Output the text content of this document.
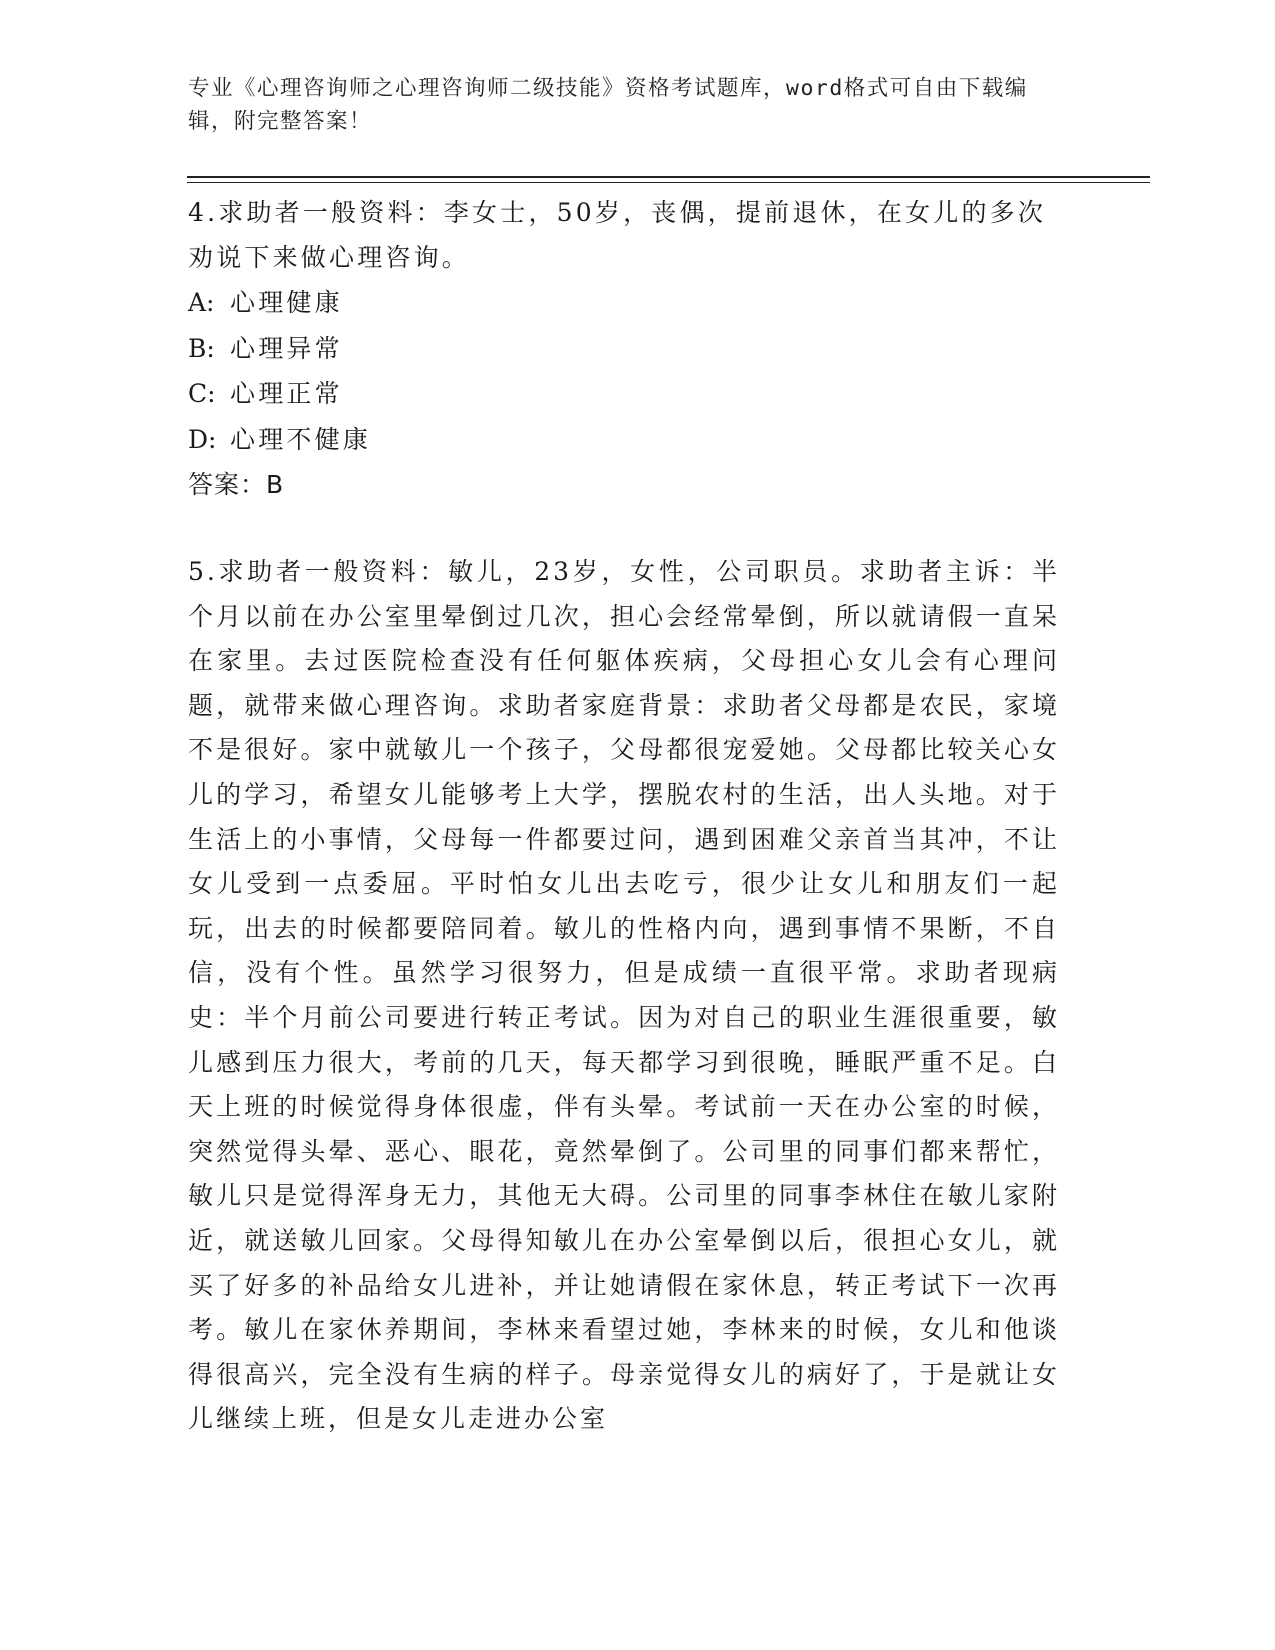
专业《心理咨询师之心理咨询师二级技能》资格考试题库，word格式可自由下载编辑，附完整答案！

4.求助者一般资料：李女士，50岁，丧偶，提前退休，在女儿的多次劝说下来做心理咨询。

A: 心理健康

B: 心理异常

C: 心理正常

D: 心理不健康

答案：B

5.求助者一般资料：敏儿，23岁，女性，公司职员。求助者主诉：半个月以前在办公室里晕倒过几次，担心会经常晕倒，所以就请假一直呆在家里。去过医院检查没有任何躯体疾病，父母担心女儿会有心理问题，就带来做心理咨询。求助者家庭背景：求助者父母都是农民，家境不是很好。家中就敏儿一个孩子，父母都很宠爱她。父母都比较关心女儿的学习，希望女儿能够考上大学，摆脱农村的生活，出人头地。对于生活上的小事情，父母每一件都要过问，遇到困难父亲首当其冲，不让女儿受到一点委屈。平时怕女儿出去吃亏，很少让女儿和朋友们一起玩，出去的时候都要陪同着。敏儿的性格内向，遇到事情不果断，不自信，没有个性。虽然学习很努力，但是成绩一直很平常。求助者现病史：半个月前公司要进行转正考试。因为对自己的职业生涯很重要，敏儿感到压力很大，考前的几天，每天都学习到很晚，睡眠严重不足。白天上班的时候觉得身体很虚，伴有头晕。考试前一天在办公室的时候，突然觉得头晕、恶心、眼花，竟然晕倒了。公司里的同事们都来帮忙，敏儿只是觉得浑身无力，其他无大碍。公司里的同事李林住在敏儿家附近，就送敏儿回家。父母得知敏儿在办公室晕倒以后，很担心女儿，就买了好多的补品给女儿进补，并让她请假在家休息，转正考试下一次再考。敏儿在家休养期间，李林来看望过她，李林来的时候，女儿和他谈得很高兴，完全没有生病的样子。母亲觉得女儿的病好了，于是就让女儿继续上班，但是女儿走进办公室
